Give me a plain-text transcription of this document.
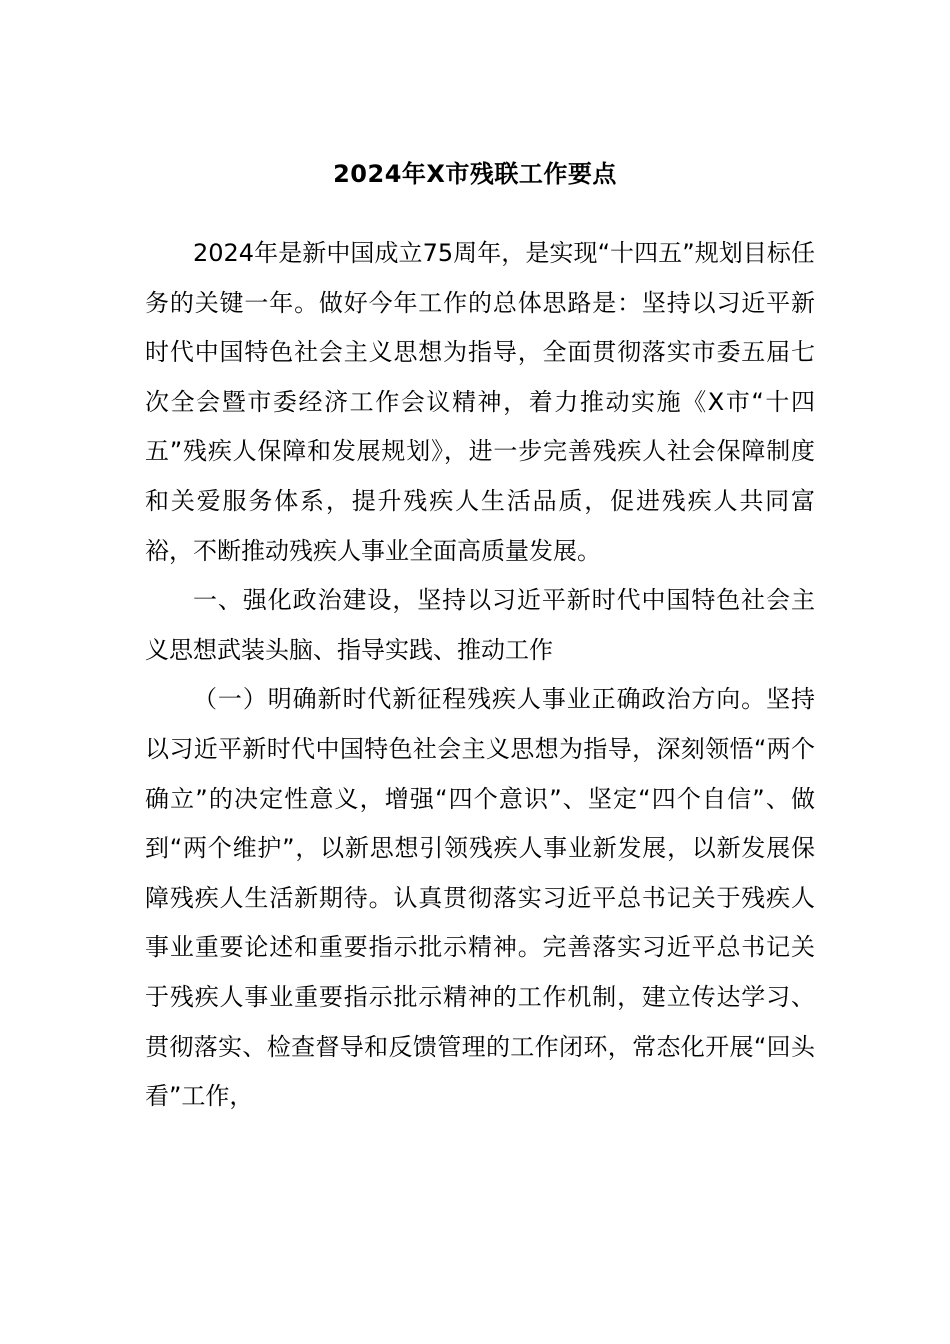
2024年X市残联工作要点

2024年是新中国成立75周年，是实现“十四五”规划目标任务的关键一年。做好今年工作的总体思路是：坚持以习近平新时代中国特色社会主义思想为指导，全面贯彻落实市委五届七次全会暨市委经济工作会议精神，着力推动实施《X市“十四五”残疾人保障和发展规划》，进一步完善残疾人社会保障制度和关爱服务体系，提升残疾人生活品质，促进残疾人共同富裕，不断推动残疾人事业全面高质量发展。

一、强化政治建设，坚持以习近平新时代中国特色社会主义思想武装头脑、指导实践、推动工作

（一）明确新时代新征程残疾人事业正确政治方向。坚持以习近平新时代中国特色社会主义思想为指导，深刻领悟“两个确立”的决定性意义，增强“四个意识”、坚定“四个自信”、做到“两个维护”，以新思想引领残疾人事业新发展，以新发展保障残疾人生活新期待。认真贯彻落实习近平总书记关于残疾人事业重要论述和重要指示批示精神。完善落实习近平总书记关于残疾人事业重要指示批示精神的工作机制，建立传达学习、贯彻落实、检查督导和反馈管理的工作闭环，常态化开展“回头看”工作，
